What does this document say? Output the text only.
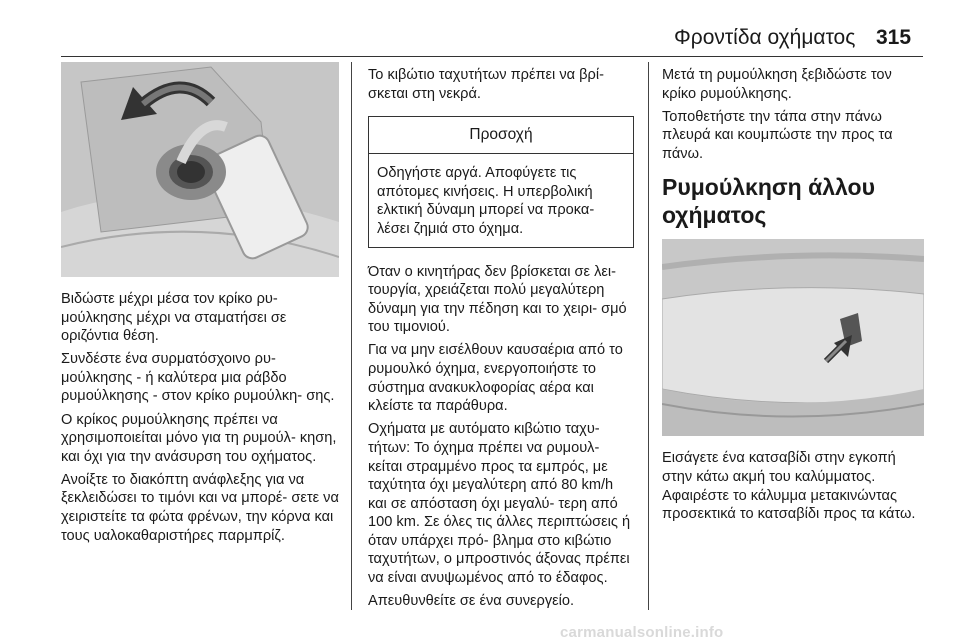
Φροντίδα οχήματος 315

Βιδώστε μέχρι μέσα τον κρίκο ρυ‐ μούλκησης μέχρι να σταματήσει σε οριζόντια θέση.

Συνδέστε ένα συρματόσχοινο ρυ‐ μούλκησης - ή καλύτερα μια ράβδο ρυμούλκησης - στον κρίκο ρυμούλκη‐ σης.

Ο κρίκος ρυμούλκησης πρέπει να χρησιμοποιείται μόνο για τη ρυμούλ‐ κηση, και όχι για την ανάσυρση του οχήματος.

Ανοίξτε το διακόπτη ανάφλεξης για να ξεκλειδώσει το τιμόνι και να μπορέ‐ σετε να χειριστείτε τα φώτα φρένων, την κόρνα και τους υαλοκαθαριστήρες παρμπρίζ.

Το κιβώτιο ταχυτήτων πρέπει να βρί‐ σκεται στη νεκρά.

Προσοχή
Οδηγήστε αργά. Αποφύγετε τις απότομες κινήσεις. Η υπερβολική ελκτική δύναμη μπορεί να προκα‐ λέσει ζημιά στο όχημα.

Όταν ο κινητήρας δεν βρίσκεται σε λει‐ τουργία, χρειάζεται πολύ μεγαλύτερη δύναμη για την πέδηση και το χειρι‐ σμό του τιμονιού.

Για να μην εισέλθουν καυσαέρια από το ρυμουλκό όχημα, ενεργοποιήστε το σύστημα ανακυκλοφορίας αέρα και κλείστε τα παράθυρα.

Οχήματα με αυτόματο κιβώτιο ταχυ‐ τήτων: Το όχημα πρέπει να ρυμουλ‐ κείται στραμμένο προς τα εμπρός, με ταχύτητα όχι μεγαλύτερη από 80 km/h και σε απόσταση όχι μεγαλύ‐ τερη από 100 km. Σε όλες τις άλλες περιπτώσεις ή όταν υπάρχει πρό‐ βλημα στο κιβώτιο ταχυτήτων, ο μπροστινός άξονας πρέπει να είναι ανυψωμένος από το έδαφος.

Απευθυνθείτε σε ένα συνεργείο.

Μετά τη ρυμούλκηση ξεβιδώστε τον κρίκο ρυμούλκησης.

Τοποθετήστε την τάπα στην πάνω πλευρά και κουμπώστε την προς τα πάνω.

Ρυμούλκηση άλλου οχήματος

Εισάγετε ένα κατσαβίδι στην εγκοπή στην κάτω ακμή του καλύμματος. Αφαιρέστε το κάλυμμα μετακινώντας προσεκτικά το κατσαβίδι προς τα κάτω.

carmanualsonline.info
